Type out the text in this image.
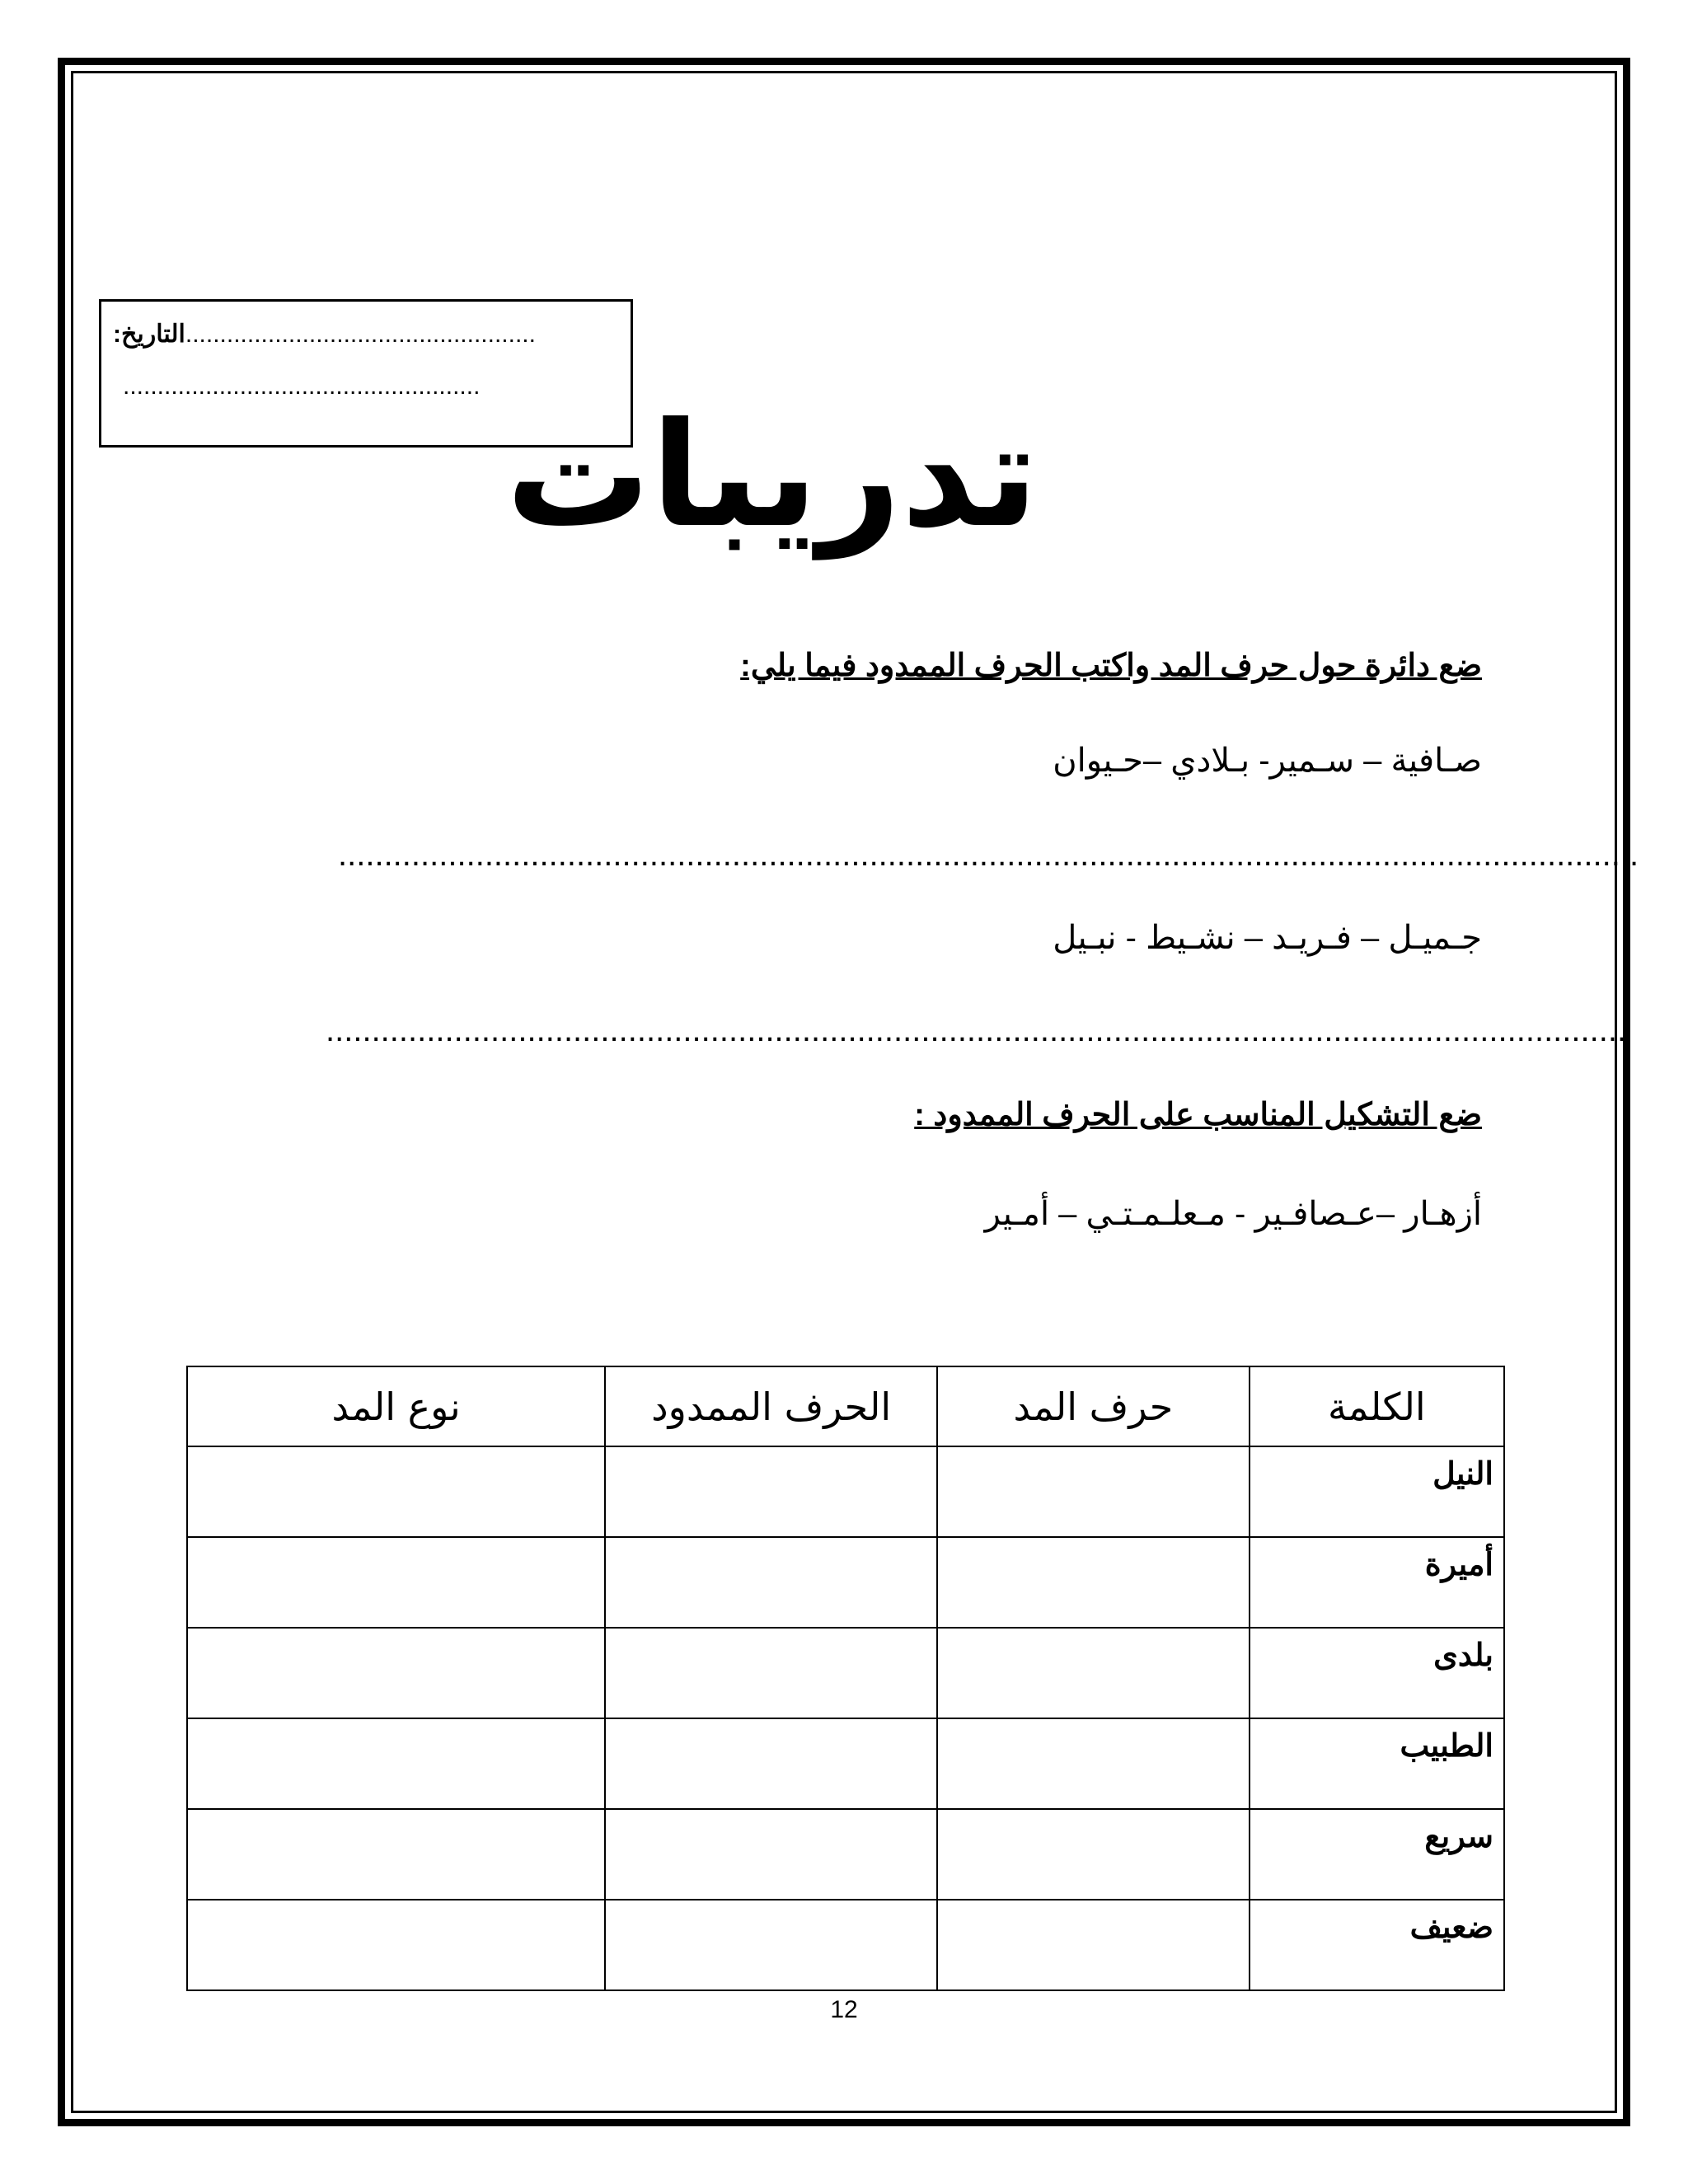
...................................................التاريخ:
....................................................
تدريبات
ضع دائرة حول حرف المد واكتب الحرف الممدود فيما يلي:
صـافية – سـمير- بـلادي –حـيوان
..............................................................................................................................................
جـميـل – فـريـد – نشـيط - نبـيل
..............................................................................................................................................
ضع التشكيل المناسب على الحرف الممدود :
أزهـار –عـصافـير - مـعلـمـتـي – أمـير
الكلمة	حرف المد	الحرف الممدود	نوع المد
النيل			
أميرة			
بلدى			
الطبيب			
سريع			
ضعيف			
12
